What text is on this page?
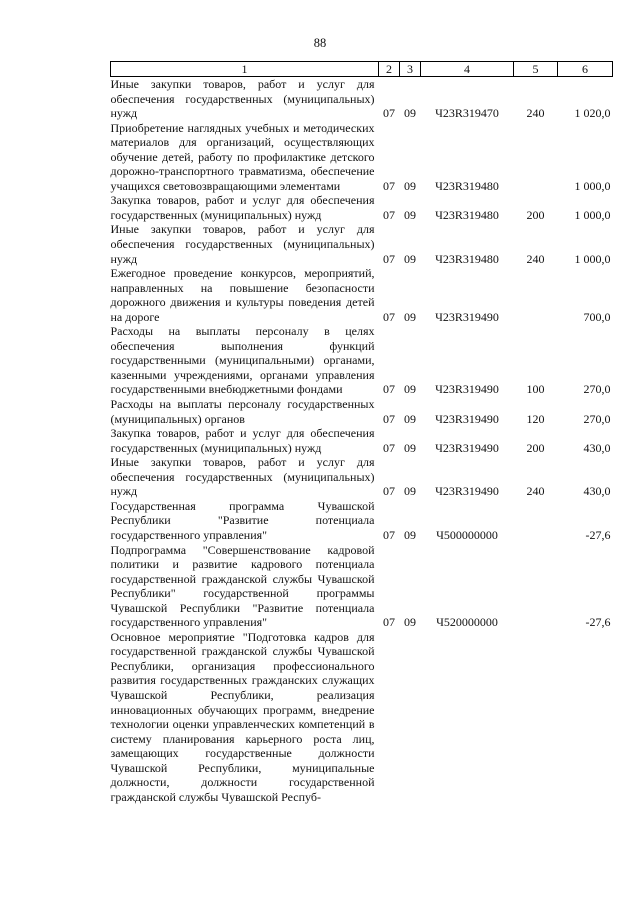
88
1	2	3	4	5	6
Иные закупки товаров, работ и услуг для обеспечения государственных (муниципальных) нужд	07	09	Ч23R319470	240	1 020,0
Приобретение наглядных учебных и методических материалов для организаций, осуществляющих обучение детей, работу по профилактике детского дорожно-транспортного травматизма, обеспечение учащихся световозвращающими элементами	07	09	Ч23R319480		1 000,0
Закупка товаров, работ и услуг для обеспечения государственных (муниципальных) нужд	07	09	Ч23R319480	200	1 000,0
Иные закупки товаров, работ и услуг для обеспечения государственных (муниципальных) нужд	07	09	Ч23R319480	240	1 000,0
Ежегодное проведение конкурсов, мероприятий, направленных на повышение безопасности дорожного движения и культуры поведения детей на дороге	07	09	Ч23R319490		700,0
Расходы на выплаты персоналу в целях обеспечения выполнения функций государственными (муниципальными) органами, казенными учреждениями, органами управления государственными внебюджетными фондами	07	09	Ч23R319490	100	270,0
Расходы на выплаты персоналу государственных (муниципальных) органов	07	09	Ч23R319490	120	270,0
Закупка товаров, работ и услуг для обеспечения государственных (муниципальных) нужд	07	09	Ч23R319490	200	430,0
Иные закупки товаров, работ и услуг для обеспечения государственных (муниципальных) нужд	07	09	Ч23R319490	240	430,0
Государственная программа Чувашской Республики "Развитие потенциала государственного управления"	07	09	Ч500000000		-27,6
Подпрограмма "Совершенствование кадровой политики и развитие кадрового потенциала государственной гражданской службы Чувашской Республики" государственной программы Чувашской Республики "Развитие потенциала государственного управления"	07	09	Ч520000000		-27,6
Основное мероприятие "Подготовка кадров для государственной гражданской службы Чувашской Республики, организация профессионального развития государственных гражданских служащих Чувашской Республики, реализация инновационных обучающих программ, внедрение технологии оценки управленческих компетенций в систему планирования карьерного роста лиц, замещающих государственные должности Чувашской Республики, муниципальные должности, должности государственной гражданской службы Чувашской Респуб-					
